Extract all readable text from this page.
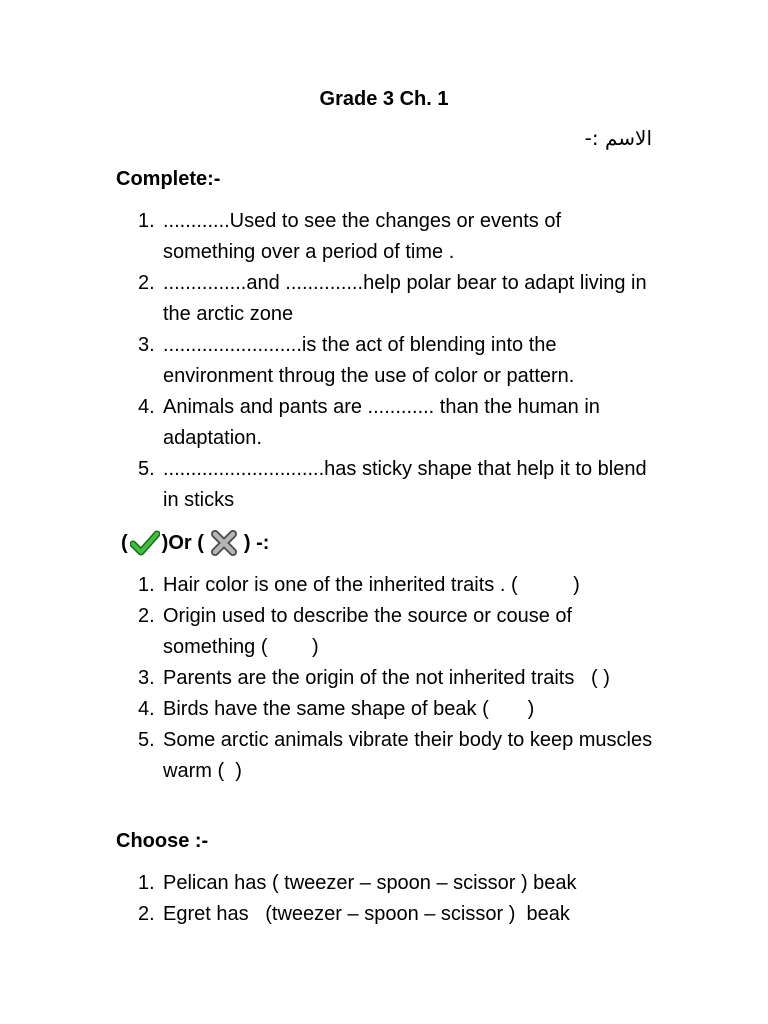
Grade 3 Ch. 1
الاسم :-
Complete:-
1. ............Used to see the changes or events of something over a period of time .
2. ...............and ..............help polar bear to adapt living in the arctic zone
3. .........................is the act of blending into the environment throug the use of color or pattern.
4. Animals and pants are ............ than the human in adaptation.
5. .............................has sticky shape that help it to blend in sticks
( )Or ( ) -:
1. Hair color is one of the inherited traits . (          )
2. Origin used to describe the source or couse of something (        )
3. Parents are the origin of the not inherited traits   ( )
4. Birds have the same shape of beak (       )
5. Some arctic animals vibrate their body to keep muscles warm (  )
Choose :-
1. Pelican has ( tweezer – spoon – scissor ) beak
2. Egret has   (tweezer – spoon – scissor )  beak
